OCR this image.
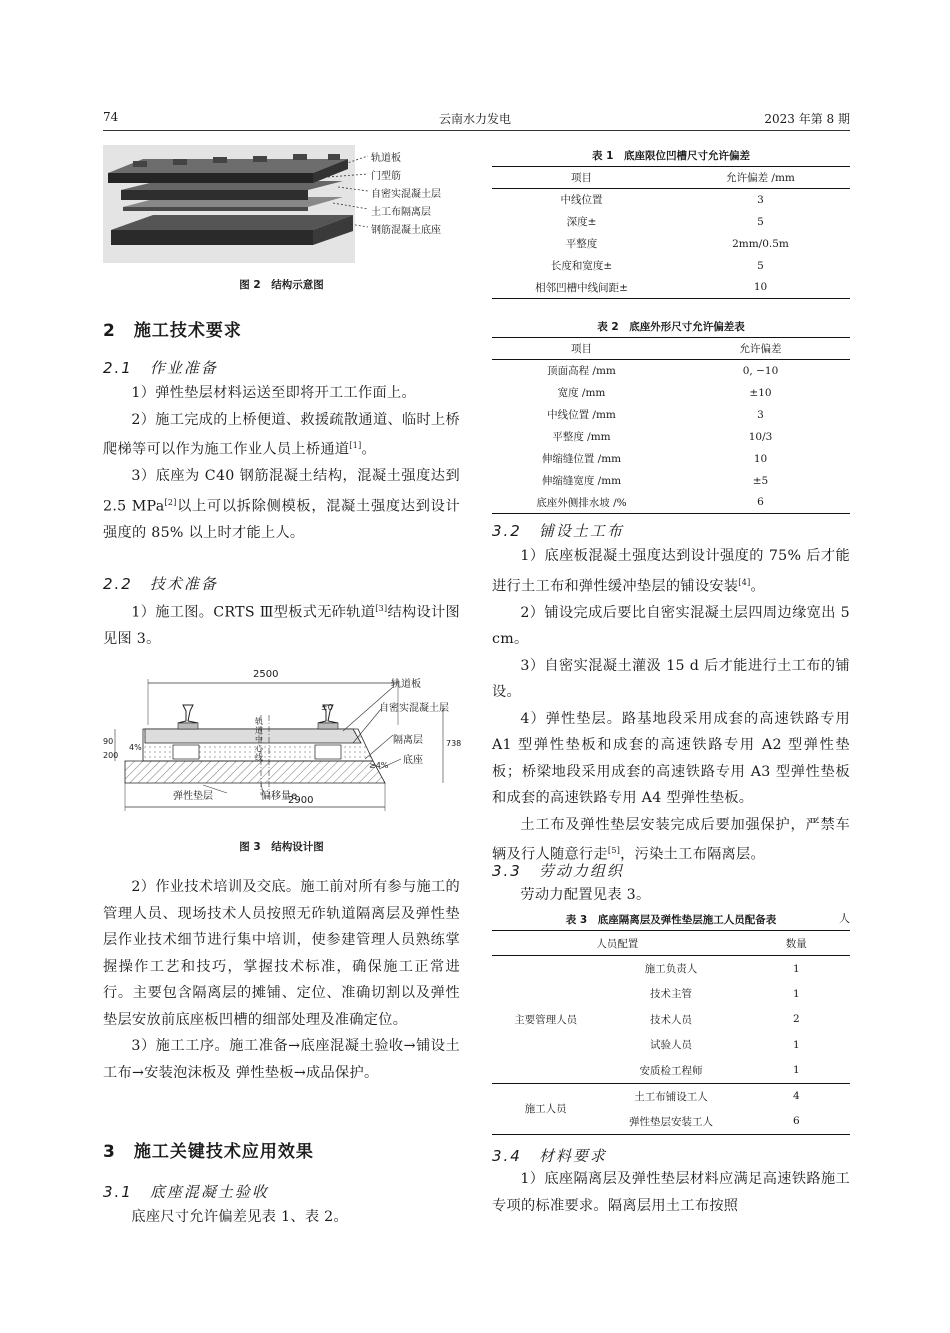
74	云南水力发电	2023 年第 8 期
轨道板
门型筋
自密实混凝土层
土工布隔离层
钢筋混凝土底座
图 2　结构示意图
2　施工技术要求
2.1　作业准备

1）弹性垫层材料运送至即将开工工作面上。

2）施工完成的上桥便道、救援疏散通道、临时上桥爬梯等可以作为施工作业人员上桥通道[1]。

3）底座为 C40 钢筋混凝土结构，混凝土强度达到 2.5 MPa[2]以上可以拆除侧模板，混凝土强度达到设计强度的 85% 以上时才能上人。

2.2　技术准备

1）施工图。CRTS Ⅲ型板式无砟轨道[3]结构设计图见图 3。

2500
2900
90
200
738
±0
4%
≥4%
轨道板
自密实混凝土层
隔离层
底座
弹性垫层	偏移量e
轨道中心线
图 3　结构设计图

2）作业技术培训及交底。施工前对所有参与施工的管理人员、现场技术人员按照无砟轨道隔离层及弹性垫层作业技术细节进行集中培训，使参建管理人员熟练掌握操作工艺和技巧，掌握技术标准，确保施工正常进行。主要包含隔离层的摊铺、定位、准确切割以及弹性垫层安放前底座板凹槽的细部处理及准确定位。

3）施工工序。施工准备→底座混凝土验收→铺设土工布→安装泡沫板及 弹性垫板→成品保护。

3　施工关键技术应用效果
3.1　底座混凝土验收

底座尺寸允许偏差见表 1、表 2。

表 1　底座限位凹槽尺寸允许偏差
项目	允许偏差 /mm
中线位置	3
深度±	5
平整度	2mm/0.5m
长度和宽度±	5
相邻凹槽中线间距±	10
表 2　底座外形尺寸允许偏差表
项目	允许偏差
顶面高程 /mm	0, −10
宽度 /mm	±10
中线位置 /mm	3
平整度 /mm	10/3
伸缩缝位置 /mm	10
伸缩缝宽度 /mm	±5
底座外侧排水坡 /%	6
3.2　铺设土工布

1）底座板混凝土强度达到设计强度的 75% 后才能进行土工布和弹性缓冲垫层的铺设安装[4]。

2）铺设完成后要比自密实混凝土层四周边缘宽出 5 cm。

3）自密实混凝土灌汲 15 d 后才能进行土工布的铺设。

4）弹性垫层。路基地段采用成套的高速铁路专用 A1 型弹性垫板和成套的高速铁路专用 A2 型弹性垫板；桥梁地段采用成套的高速铁路专用 A3 型弹性垫板和成套的高速铁路专用 A4 型弹性垫板。

土工布及弹性垫层安装完成后要加强保护，严禁车辆及行人随意行走[5]，污染土工布隔离层。

3.3　劳动力组织

劳动力配置见表 3。

表 3　底座隔离层及弹性垫层施工人员配备表	人
人员配置		数量
主要管理人员	施工负责人	1
	技术主管	1
	技术人员	2
	试验人员	1
	安质检工程师	1
施工人员	土工布铺设工人	4
	弹性垫层安装工人	6
3.4　材料要求

1）底座隔离层及弹性垫层材料应满足高速铁路施工专项的标准要求。隔离层用土工布按照
